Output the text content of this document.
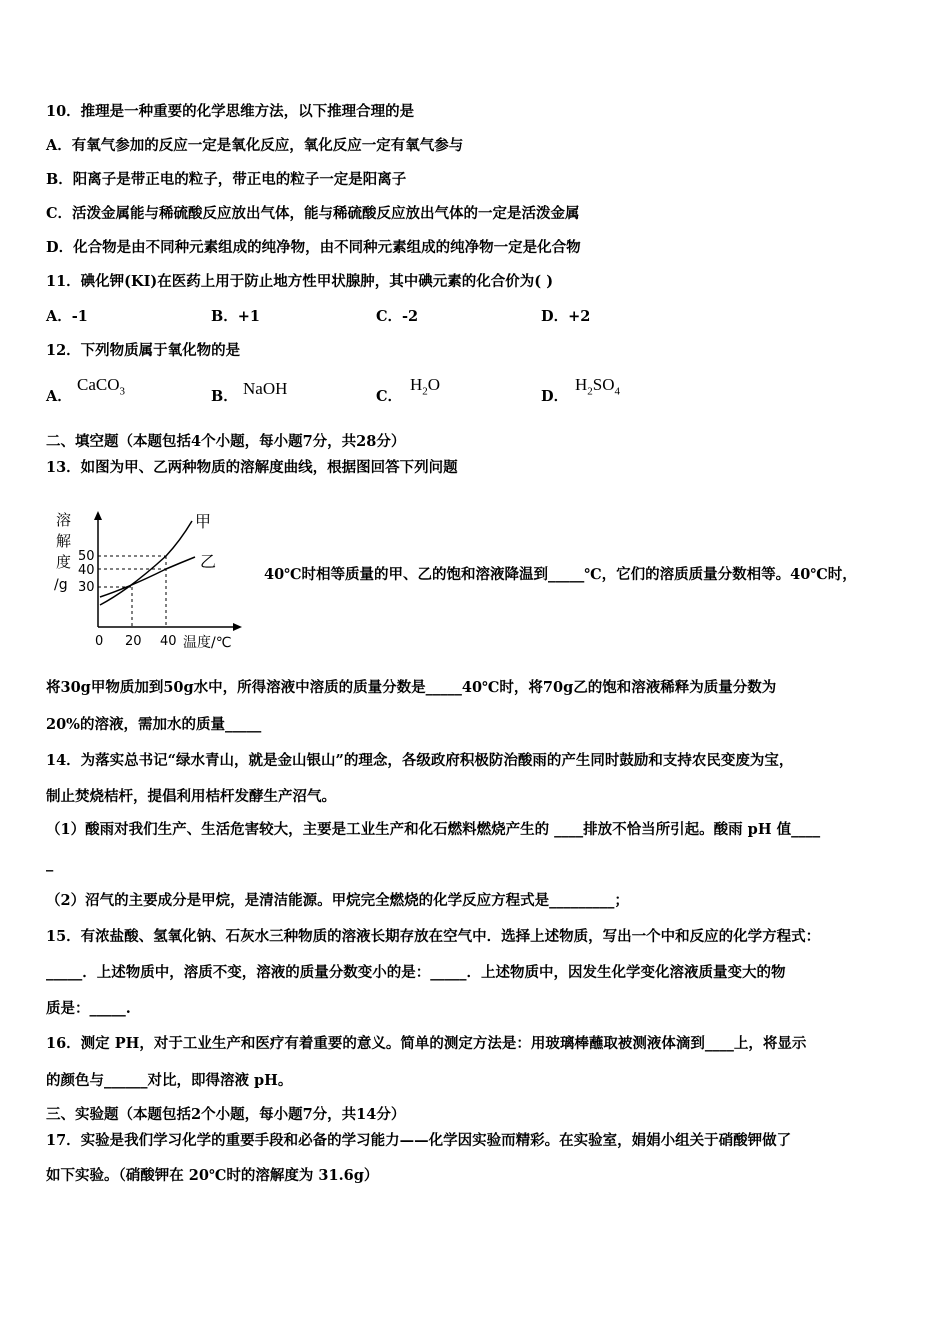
10．推理是一种重要的化学思维方法，以下推理合理的是
A．有氧气参加的反应一定是氧化反应，氧化反应一定有氧气参与
B．阳离子是带正电的粒子，带正电的粒子一定是阳离子
C．活泼金属能与稀硫酸反应放出气体，能与稀硫酸反应放出气体的一定是活泼金属
D．化合物是由不同种元素组成的纯净物，由不同种元素组成的纯净物一定是化合物
11．碘化钾(KI)在医药上用于防止地方性甲状腺肿，其中碘元素的化合价为( )
A．-1	B．+1	C．-2	D．+2
12．下列物质属于氧化物的是
A．
CaCO$_3$	B． NaOH	C．
$H_2O$
D．
$H_2SO_4$
二、填空题（本题包括4个小题，每小题7分，共28分）
13．如图为甲、乙两种物质的溶解度曲线，根据图回答下列问题
溶
解
度
/g
50
40
30
0 20 40 温度/℃
甲
乙
40℃时相等质量的甲、乙的饱和溶液降温到_____℃，它们的溶质质量分数相等。40℃时，
将30g甲物质加到50g水中，所得溶液中溶质的质量分数是_____40℃时，将70g乙的饱和溶液稀释为质量分数为
20%的溶液，需加水的质量_____
14．为落实总书记“绿水青山，就是金山银山”的理念，各级政府积极防治酸雨的产生同时鼓励和支持农民变废为宝，
制止焚烧桔杆，提倡利用桔杆发酵生产沼气。
（1）酸雨对我们生产、生活危害较大，主要是工业生产和化石燃料燃烧产生的 ____排放不恰当所引起。酸雨 pH 值____
_
（2）沼气的主要成分是甲烷，是清洁能源。甲烷完全燃烧的化学反应方程式是_________；
15．有浓盐酸、氢氧化钠、石灰水三种物质的溶液长期存放在空气中．选择上述物质，写出一个中和反应的化学方程式：
_____．上述物质中，溶质不变，溶液的质量分数变小的是：_____．上述物质中，因发生化学变化溶液质量变大的物
质是：_____.
16．测定 PH，对于工业生产和医疗有着重要的意义。简单的测定方法是：用玻璃棒蘸取被测液体滴到____上，将显示
的颜色与______对比，即得溶液 pH。
三、实验题（本题包括2个小题，每小题7分，共14分）
17．实验是我们学习化学的重要手段和必备的学习能力——化学因实验而精彩。在实验室，娟娟小组关于硝酸钾做了
如下实验。（硝酸钾在 20℃时的溶解度为 31.6g）
